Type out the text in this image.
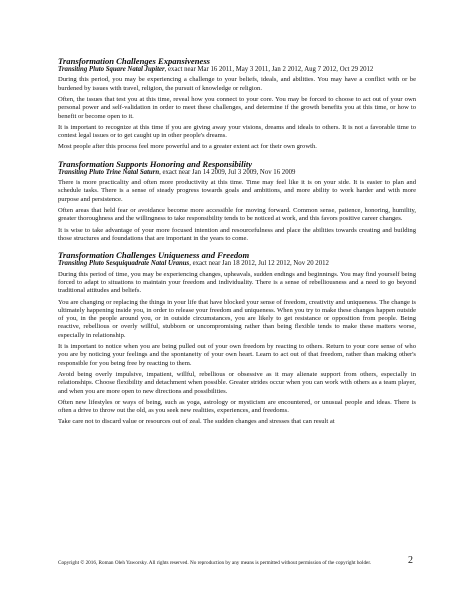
Transformation Challenges Expansiveness

Transiting Pluto Square Natal Jupiter, exact near Mar 16 2011, May 3 2011, Jan 2 2012, Aug 7 2012, Oct 29 2012

During this period, you may be experiencing a challenge to your beliefs, ideals, and abilities. You may have a conflict with or be burdened by issues with travel, religion, the pursuit of knowledge or religion.

Often, the issues that test you at this time, reveal how you connect to your core. You may be forced to choose to act out of your own personal power and self-validation in order to meet these challenges, and determine if the growth benefits you at this time, or how to benefit or become open to it.

It is important to recognize at this time if you are giving away your visions, dreams and ideals to others. It is not a favorable time to contest legal issues or to get caught up in other people's dreams.

Most people after this process feel more powerful and to a greater extent act for their own growth.

Transformation Supports Honoring and Responsibility

Transiting Pluto Trine Natal Saturn, exact near Jan 14 2009, Jul 3 2009, Nov 16 2009

There is more practicality and often more productivity at this time. Time may feel like it is on your side. It is easier to plan and schedule tasks. There is a sense of steady progress towards goals and ambitions, and more ability to work harder and with more purpose and persistence.

Often areas that held fear or avoidance become more accessible for moving forward. Common sense, patience, honoring, humility, greater thoroughness and the willingness to take responsibility tends to be noticed at work, and this favors positive career changes.

It is wise to take advantage of your more focused intention and resourcefulness and place the abilities towards creating and building those structures and foundations that are important in the years to come.

Transformation Challenges Uniqueness and Freedom

Transiting Pluto Sesquiquadrate Natal Uranus, exact near Jan 18 2012, Jul 12 2012, Nov 20 2012

During this period of time, you may be experiencing changes, upheavals, sudden endings and beginnings. You may find yourself being forced to adapt to situations to maintain your freedom and individuality. There is a sense of rebelliousness and a need to go beyond traditional attitudes and beliefs.

You are changing or replacing the things in your life that have blocked your sense of freedom, creativity and uniqueness. The change is ultimately happening inside you, in order to release your freedom and uniqueness. When you try to make these changes happen outside of you, in the people around you, or in outside circumstances, you are likely to get resistance or opposition from people. Being reactive, rebellious or overly willful, stubborn or uncompromising rather than being flexible tends to make these matters worse, especially in relationship.

It is important to notice when you are being pulled out of your own freedom by reacting to others. Return to your core sense of who you are by noticing your feelings and the spontaneity of your own heart. Learn to act out of that freedom, rather than making other's responsible for you being free by reacting to them.

Avoid being overly impulsive, impatient, willful, rebellious or obsessive as it may alienate support from others, especially in relationships. Choose flexibility and detachment when possible. Greater strides occur when you can work with others as a team player, and when you are more open to new directions and possibilities.

Often new lifestyles or ways of being, such as yoga, astrology or mysticism are encountered, or unusual people and ideas. There is often a drive to throw out the old, as you seek new realities, experiences, and freedoms.

Take care not to discard value or resources out of zeal. The sudden changes and stresses that can result at

Copyright © 2016, Roman Oleh Yaworsky. All rights reserved. No reproduction by any means is permitted without permission of the copyright holder.	2
